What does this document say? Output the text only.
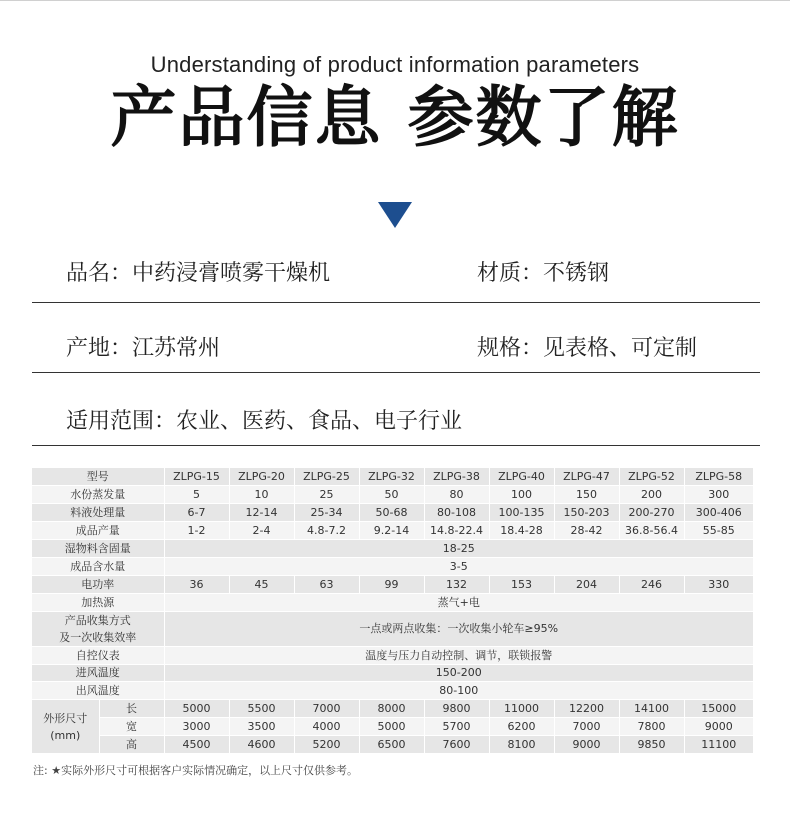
Understanding of product information parameters
产品信息 参数了解
品名：中药浸膏喷雾干燥机	材质：不锈钢
产地：江苏常州	规格：见表格、可定制
适用范围：农业、医药、食品、电子行业
型号		ZLPG-15	ZLPG-20	ZLPG-25	ZLPG-32	ZLPG-38	ZLPG-40	ZLPG-47	ZLPG-52	ZLPG-58
水份蒸发量		5	10	25	50	80	100	150	200	300
料液处理量		6-7	12-14	25-34	50-68	80-108	100-135	150-203	200-270	300-406
成品产量		1-2	2-4	4.8-7.2	9.2-14	14.8-22.4	18.4-28	28-42	36.8-56.4	55-85
湿物料含固量		18-25								
成品含水量		3-5								
电功率		36	45	63	99	132	153	204	246	330
加热源		蒸气+电								

产品收集方式
及一次收集效率		一点或两点收集：一次收集小轮车≥95%								
自控仪表		温度与压力自动控制、调节，联锁报警								
进风温度		150-200								
出风温度		80-100								

外形尺寸
(mm)	长	5000	5500	7000	8000	9800	11000	12200	14100	15000
	宽	3000	3500	4000	5000	5700	6200	7000	7800	9000
	高	4500	4600	5200	6500	7600	8100	9000	9850	11100
注: ★实际外形尺寸可根据客户实际情况确定，以上尺寸仅供参考。
